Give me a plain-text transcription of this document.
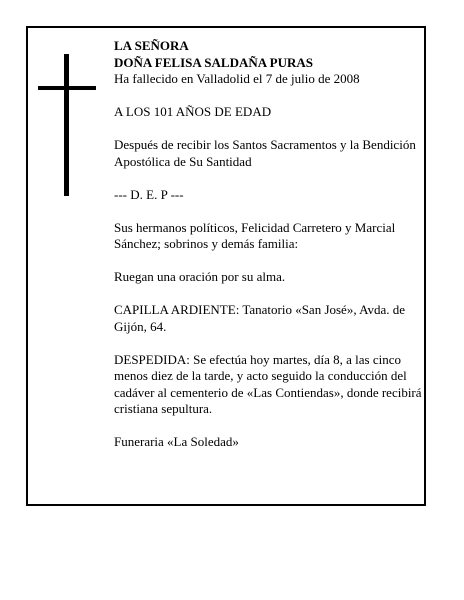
LA SEÑORA
DOÑA FELISA SALDAÑA PURAS

Ha fallecido en Valladolid el 7 de julio de 2008

A LOS 101 AÑOS DE EDAD

Después de recibir los Santos Sacramentos y la Bendición Apostólica de Su Santidad

--- D. E. P ---

Sus hermanos políticos, Felicidad Carretero y Marcial Sánchez; sobrinos y demás familia:

Ruegan una oración por su alma.

CAPILLA ARDIENTE: Tanatorio «San José», Avda. de Gijón, 64.

DESPEDIDA: Se efectúa hoy martes, día 8, a las cinco menos diez de la tarde, y acto seguido la conducción del cadáver al cementerio de «Las Contiendas», donde recibirá cristiana sepultura.

Funeraria «La Soledad»
